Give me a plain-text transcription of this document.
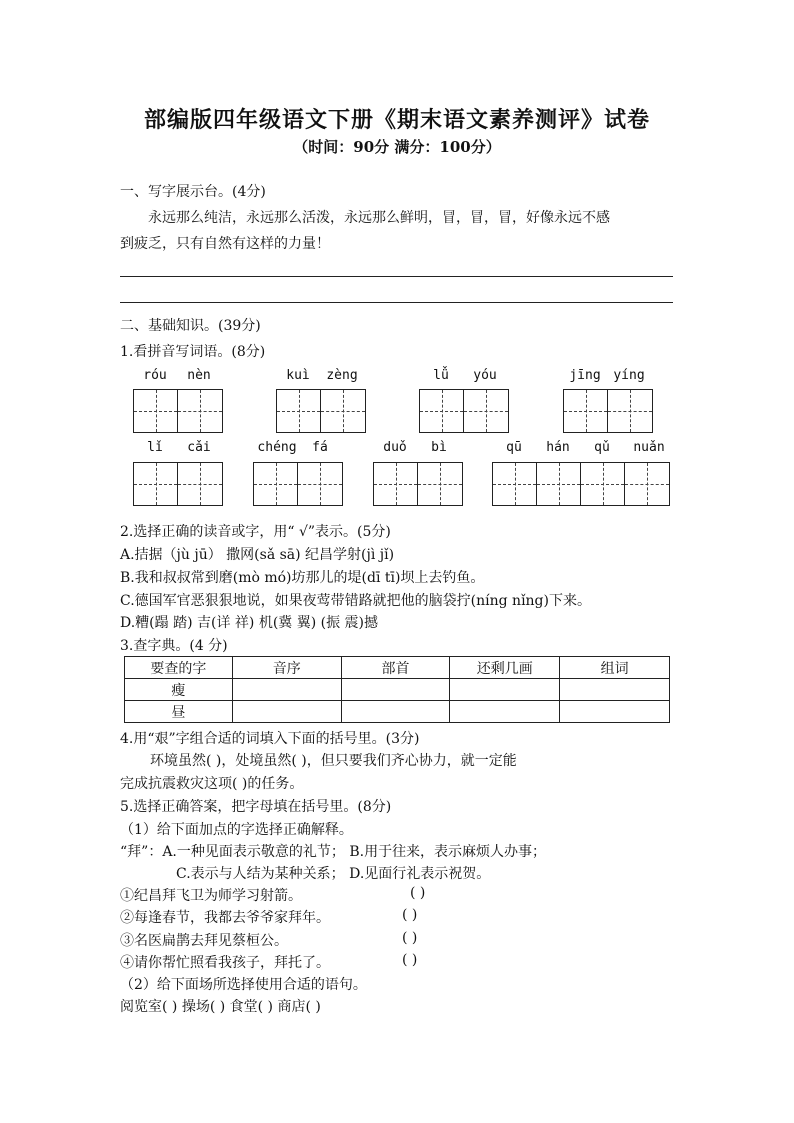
部编版四年级语文下册《期末语文素养测评》试卷
（时间：90分 满分：100分）
一、写字展示台。(4分)
永远那么纯洁，永远那么活泼，永远那么鲜明，冒，冒，冒，好像永远不感
到疲乏，只有自然有这样的力量！
二、基础知识。(39分)
1.看拼音写词语。(8分)
róu	nèn	kuì	zèng	lǚ	yóu	jīng yíng
lǐ	cǎi	chéng	fá	duǒ	bì	qū	hán	qǔ	nuǎn
2.选择正确的读音或字，用“ √”表示。(5分)
A.拮据（jù jū） 撒网(sǎ sā) 纪昌学射(jì jǐ)
B.我和叔叔常到磨(mò mó)坊那儿的堤(dī tī)坝上去钓鱼。
C.德国军官恶狠狠地说，如果夜莺带错路就把他的脑袋拧(níng nǐng)下来。
D.糟(蹋 踏) 吉(详 祥) 机(冀 翼) (振 震)撼
3.查字典。(4 分)
要查的字	音序	部首	还剩几画	组词
瘦				
昼				
4.用“艰”字组合适的词填入下面的括号里。(3分)
环境虽然( )，处境虽然( )，但只要我们齐心协力，就一定能
完成抗震救灾这项( )的任务。
5.选择正确答案，把字母填在括号里。(8分)
（1）给下面加点的字选择正确解释。
“拜”：A.一种见面表示敬意的礼节； B.用于往来，表示麻烦人办事；
C.表示与人结为某种关系； D.见面行礼表示祝贺。
①纪昌拜飞卫为师学习射箭。	( )
②每逢春节，我都去爷爷家拜年。	( )
③名医扁鹊去拜见蔡桓公。	( )
④请你帮忙照看我孩子，拜托了。	( )
（2）给下面场所选择使用合适的语句。
阅览室( ) 操场( ) 食堂( ) 商店( )
